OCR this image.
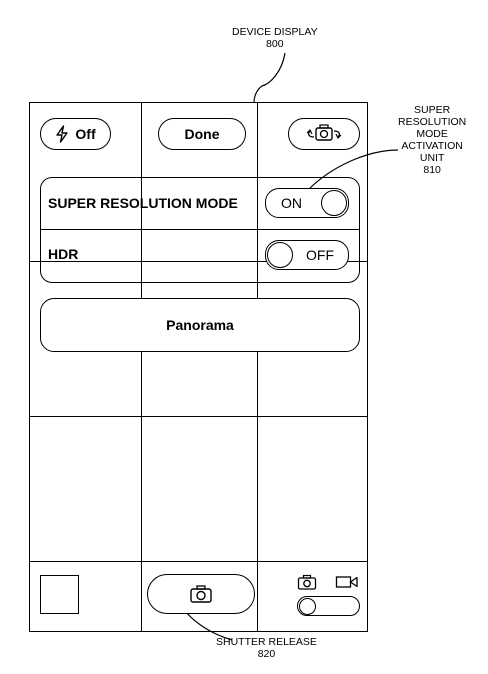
DEVICE DISPLAY
800
SUPER
RESOLUTION
MODE
ACTIVATION
UNIT
810
SHUTTER RELEASE
820
Off	Done
SUPER RESOLUTION MODE	ON
HDR	OFF
Panorama
